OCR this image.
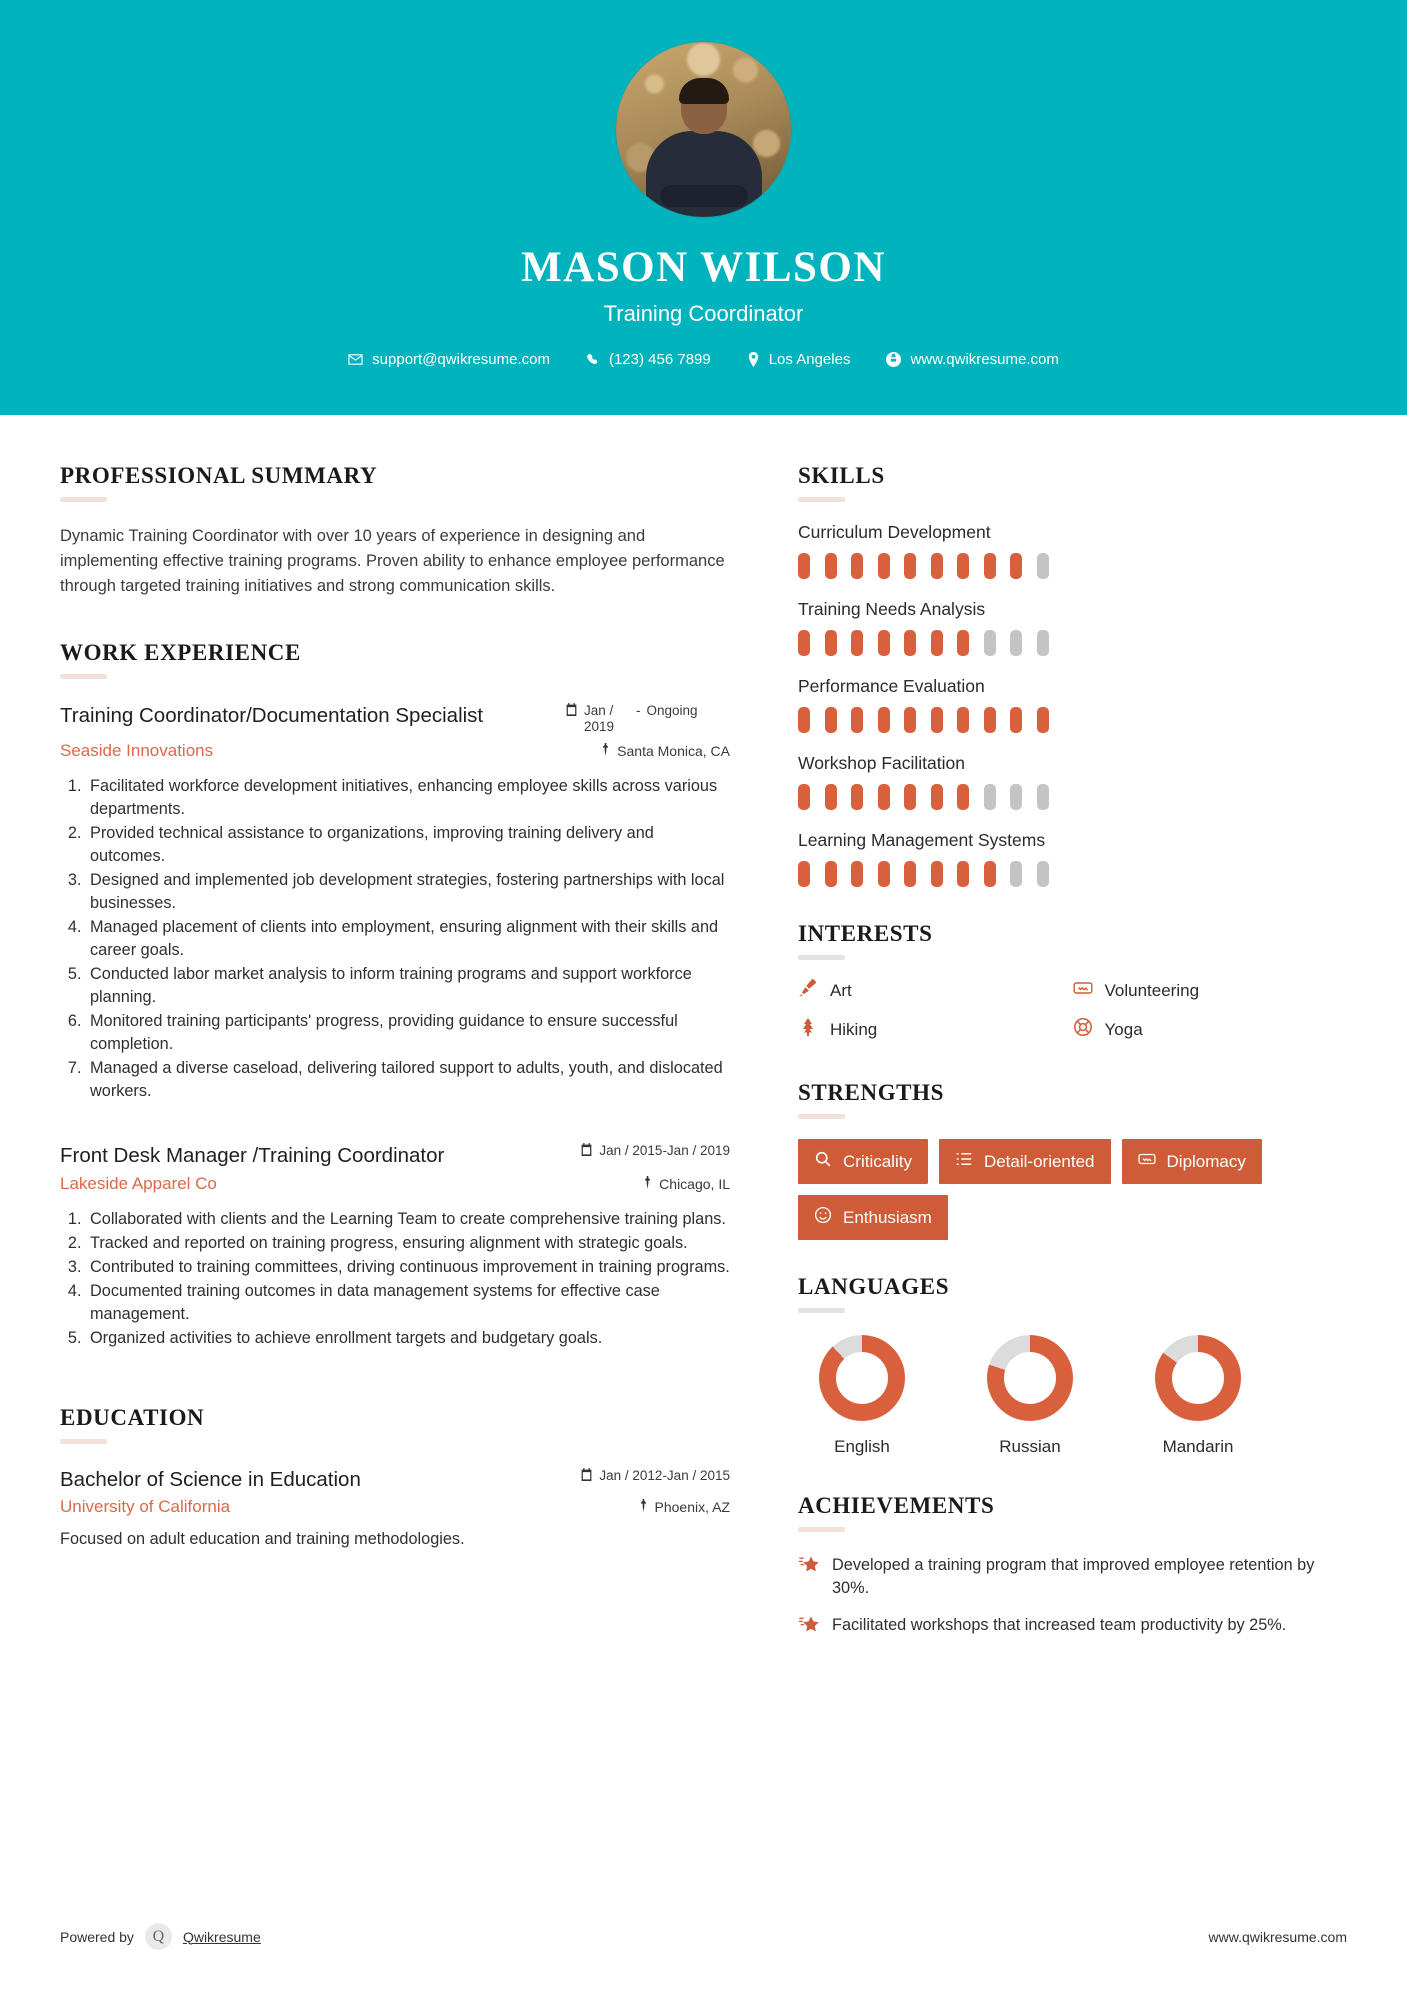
MASON WILSON
Training Coordinator
support@qwikresume.com	(123) 456 7899	Los Angeles	www.qwikresume.com
PROFESSIONAL SUMMARY

Dynamic Training Coordinator with over 10 years of experience in designing and implementing effective training programs. Proven ability to enhance employee performance through targeted training initiatives and strong communication skills.

WORK EXPERIENCE
Training Coordinator/Documentation Specialist	Jan / 2019
- Ongoing
Seaside Innovations	Santa Monica, CA
1. Facilitated workforce development initiatives, enhancing employee skills across various departments.
2. Provided technical assistance to organizations, improving training delivery and outcomes.
3. Designed and implemented job development strategies, fostering partnerships with local businesses.
4. Managed placement of clients into employment, ensuring alignment with their skills and career goals.
5. Conducted labor market analysis to inform training programs and support workforce planning.
6. Monitored training participants' progress, providing guidance to ensure successful completion.
7. Managed a diverse caseload, delivering tailored support to adults, youth, and dislocated workers.
Front Desk Manager /Training Coordinator	Jan / 2015-Jan / 2019
Lakeside Apparel Co	Chicago, IL
1. Collaborated with clients and the Learning Team to create comprehensive training plans.
2. Tracked and reported on training progress, ensuring alignment with strategic goals.
3. Contributed to training committees, driving continuous improvement in training programs.
4. Documented training outcomes in data management systems for effective case management.
5. Organized activities to achieve enrollment targets and budgetary goals.
EDUCATION
Bachelor of Science in Education	Jan / 2012-Jan / 2015
University of California	Phoenix, AZ
Focused on adult education and training methodologies.
SKILLS
Curriculum Development
Training Needs Analysis
Performance Evaluation
Workshop Facilitation
Learning Management Systems
INTERESTS
Art	Volunteering
Hiking	Yoga
STRENGTHS
Criticality	Detail-oriented	Diplomacy
Enthusiasm
LANGUAGES
English	Russian	Mandarin
ACHIEVEMENTS

Developed a training program that improved employee retention by 30%.

Facilitated workshops that increased team productivity by 25%.

Powered by	Q	Qwikresume	www.qwikresume.com
